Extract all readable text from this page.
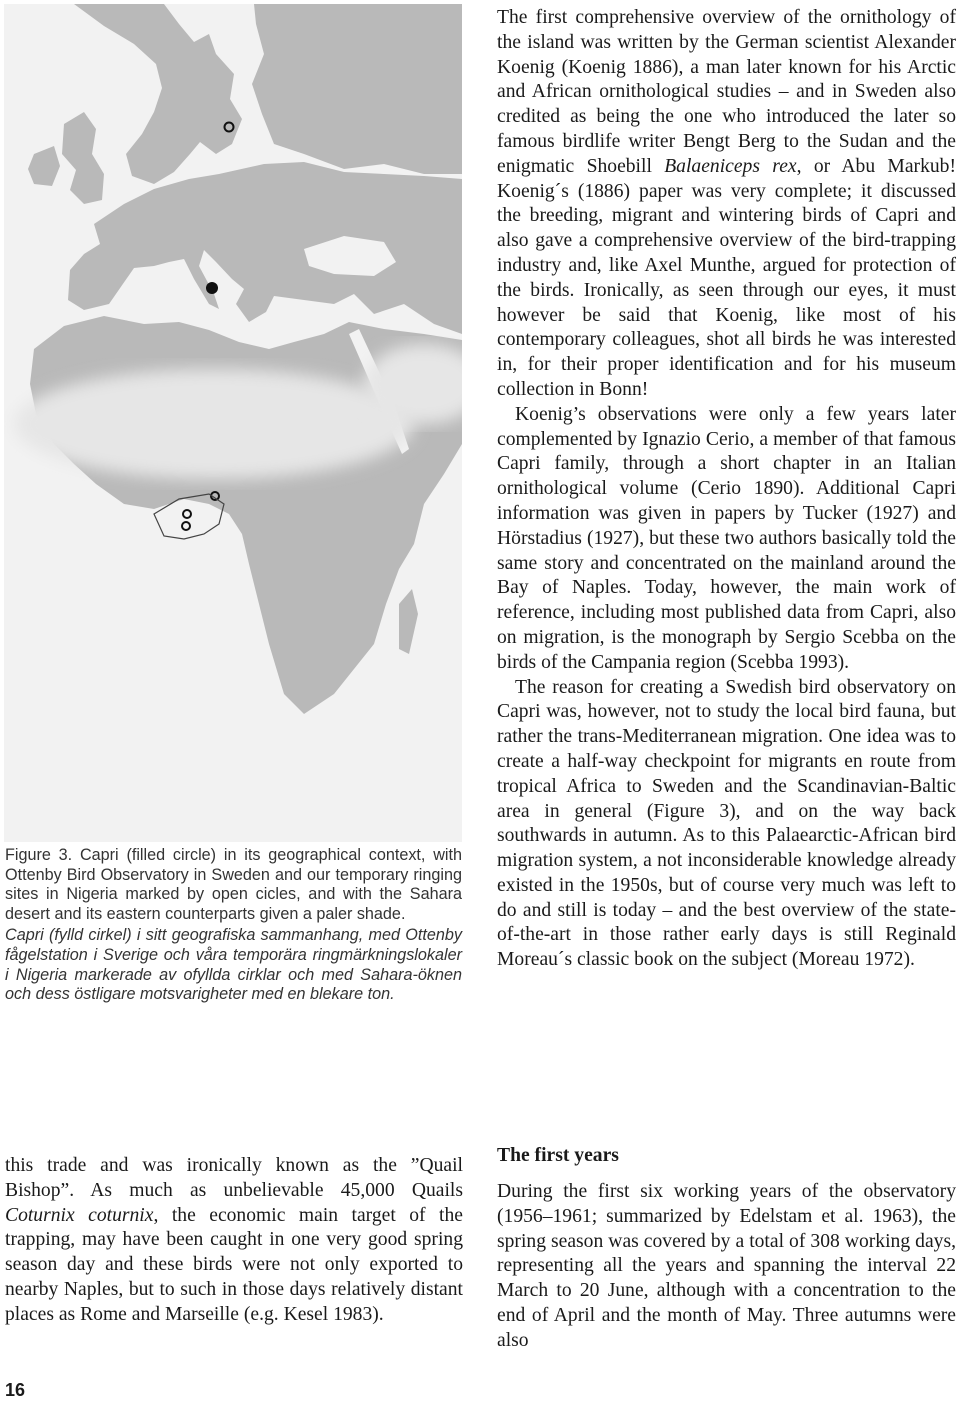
Figure 3. Capri (filled circle) in its geographical context, with Ottenby Bird Observatory in Sweden and our temporary ringing sites in Nigeria marked by open cicles, and with the Sahara desert and its eastern counterparts given a paler shade.

Capri (fylld cirkel) i sitt geografiska sammanhang, med Ottenby fågelstation i Sverige och våra temporära ringmärkningslokaler i Nigeria markerade av ofyllda cirklar och med Sahara-öknen och dess östligare motsvarigheter med en blekare ton.

The first comprehensive overview of the ornithology of the island was written by the German scientist Alexander Koenig (Koenig 1886), a man later known for his Arctic and African ornithological studies – and in Sweden also credited as being the one who introduced the later so famous birdlife writer Bengt Berg to the Sudan and the enigmatic Shoebill Balaeniceps rex, or Abu Markub! Koenig´s (1886) paper was very complete; it discussed the breeding, migrant and wintering birds of Capri and also gave a comprehensive overview of the bird-trapping industry and, like Axel Munthe, argued for protection of the birds. Ironically, as seen through our eyes, it must however be said that Koenig, like most of his contemporary colleagues, shot all birds he was interested in, for their proper identification and for his museum collection in Bonn!

Koenig’s observations were only a few years later complemented by Ignazio Cerio, a member of that famous Capri family, through a short chapter in an Italian ornithological volume (Cerio 1890). Additional Capri information was given in papers by Tucker (1927) and Hörstadius (1927), but these two authors basically told the same story and concentrated on the mainland around the Bay of Naples. Today, however, the main work of reference, including most published data from Capri, also on migration, is the monograph by Sergio Scebba on the birds of the Campania region (Scebba 1993).

The reason for creating a Swedish bird observatory on Capri was, however, not to study the local bird fauna, but rather the trans-Mediterranean migration. One idea was to create a half-way checkpoint for migrants en route from tropical Africa to Sweden and the Scandinavian-Baltic area in general (Figure 3), and on the way back southwards in autumn. As to this Palaearctic-African bird migration system, a not inconsiderable knowledge already existed in the 1950s, but of course very much was left to do and still is today – and the best overview of the state-of-the-art in those rather early days is still Reginald Moreau´s classic book on the subject (Moreau 1972).

this trade and was ironically known as the ”Quail Bishop”. As much as unbelievable 45,000 Quails Coturnix coturnix, the economic main target of the trapping, may have been caught in one very good spring season day and these birds were not only exported to nearby Naples, but to such in those days relatively distant places as Rome and Marseille (e.g. Kesel 1983).

The first years

During the first six working years of the observatory (1956–1961; summarized by Edelstam et al. 1963), the spring season was covered by a total of 308 working days, representing all the years and spanning the interval 22 March to 20 June, although with a concentration to the end of April and the month of May. Three autumns were also

16
